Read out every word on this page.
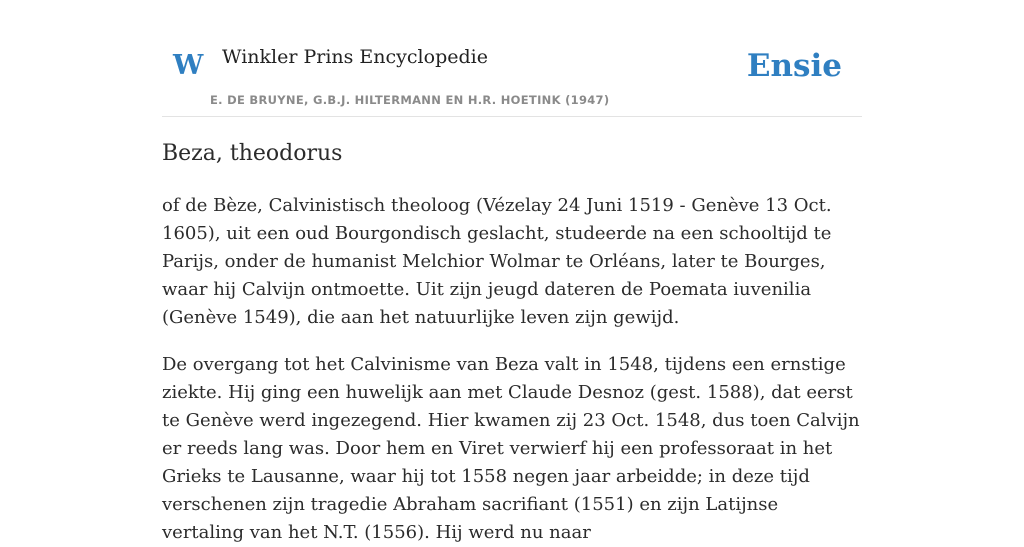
W Winkler Prins Encyclopedie
E. DE BRUYNE, G.B.J. HILTERMANN EN H.R. HOETINK (1947)
Ensie
Beza, theodorus

of de Bèze, Calvinistisch theoloog (Vézelay 24 Juni 1519 - Genève 13 Oct. 1605), uit een oud Bourgondisch geslacht, studeerde na een schooltijd te Parijs, onder de humanist Melchior Wolmar te Orléans, later te Bourges, waar hij Calvijn ontmoette. Uit zijn jeugd dateren de Poemata iuvenilia (Genève 1549), die aan het natuurlijke leven zijn gewijd.

De overgang tot het Calvinisme van Beza valt in 1548, tijdens een ernstige ziekte. Hij ging een huwelijk aan met Claude Desnoz (gest. 1588), dat eerst te Genève werd ingezegend. Hier kwamen zij 23 Oct. 1548, dus toen Calvijn er reeds lang was. Door hem en Viret verwierf hij een professoraat in het Grieks te Lausanne, waar hij tot 1558 negen jaar arbeidde; in deze tijd verschenen zijn tragedie Abraham sacrifiant (1551) en zijn Latijnse vertaling van het N.T. (1556). Hij werd nu naar
